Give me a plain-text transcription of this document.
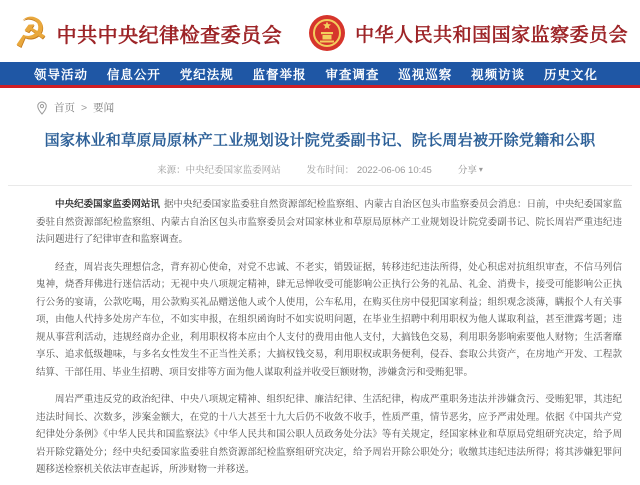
☭ 中共中央纪律检查委员会	中华人民共和国国家监察委员会
领导活动 信息公开 党纪法规 监督举报 审查调查 巡视巡察 视频访谈 历史文化
首页 > 要闻
国家林业和草原局原林产工业规划设计院党委副书记、院长周岩被开除党籍和公职
来源：中央纪委国家监委网站	发布时间： 2022-06-06 10:45	分享 ▾

中央纪委国家监委网站讯 据中央纪委国家监委驻自然资源部纪检监察组、内蒙古自治区包头市监察委员会消息：日前，中央纪委国家监委驻自然资源部纪检监察组、内蒙古自治区包头市监察委员会对国家林业和草原局原林产工业规划设计院党委副书记、院长周岩严重违纪违法问题进行了纪律审查和监察调查。

经查，周岩丧失理想信念，背弃初心使命，对党不忠诚、不老实，销毁证据，转移违纪违法所得，处心积虑对抗组织审查，不信马列信鬼神，烧香拜佛进行迷信活动；无视中央八项规定精神，肆无忌惮收受可能影响公正执行公务的礼品、礼金、消费卡，接受可能影响公正执行公务的宴请，公款吃喝，用公款购买礼品赠送他人或个人使用，公车私用，在购买住房中侵犯国家利益；组织观念淡薄，瞒报个人有关事项，由他人代持多处房产车位，不如实申报，在组织函询时不如实说明问题，在毕业生招聘中利用职权为他人谋取利益，甚至泄露考题；违规从事营利活动，违规经商办企业，利用职权将本应由个人支付的费用由他人支付，大搞钱色交易，利用职务影响索要他人财物；生活奢靡享乐、追求低级趣味，与多名女性发生不正当性关系；大搞权钱交易，利用职权或职务便利，侵吞、套取公共资产，在房地产开发、工程款结算、干部任用、毕业生招聘、项目安排等方面为他人谋取利益并收受巨额财物，涉嫌贪污和受贿犯罪。

周岩严重违反党的政治纪律、中央八项规定精神、组织纪律、廉洁纪律、生活纪律，构成严重职务违法并涉嫌贪污、受贿犯罪，其违纪违法时间长、次数多，涉案金额大，在党的十八大甚至十九大后仍不收敛不收手，性质严重，情节恶劣，应予严肃处理。依据《中国共产党纪律处分条例》《中华人民共和国监察法》《中华人民共和国公职人员政务处分法》等有关规定，经国家林业和草原局党组研究决定，给予周岩开除党籍处分；经中央纪委国家监委驻自然资源部纪检监察组研究决定，给予周岩开除公职处分；收缴其违纪违法所得；将其涉嫌犯罪问题移送检察机关依法审查起诉，所涉财物一并移送。
